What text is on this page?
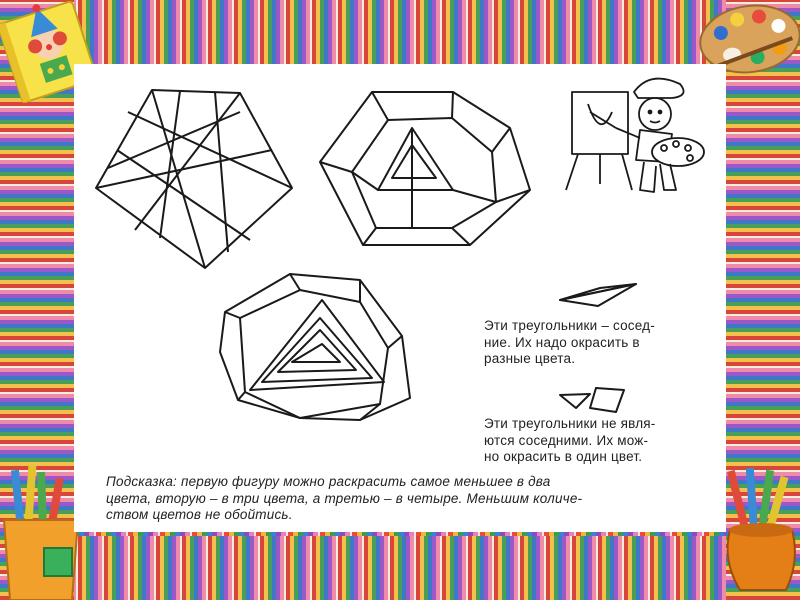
Эти треугольники – сосед-
ние. Их надо окрасить в
разные цвета.
Эти треугольники не явля-
ются соседними. Их мож-
но окрасить в один цвет.
Подсказка: первую фигуру можно раскрасить самое меньшее в два
цвета, вторую – в три цвета, а третью – в четыре. Меньшим количе-
ством цветов не обойтись.
